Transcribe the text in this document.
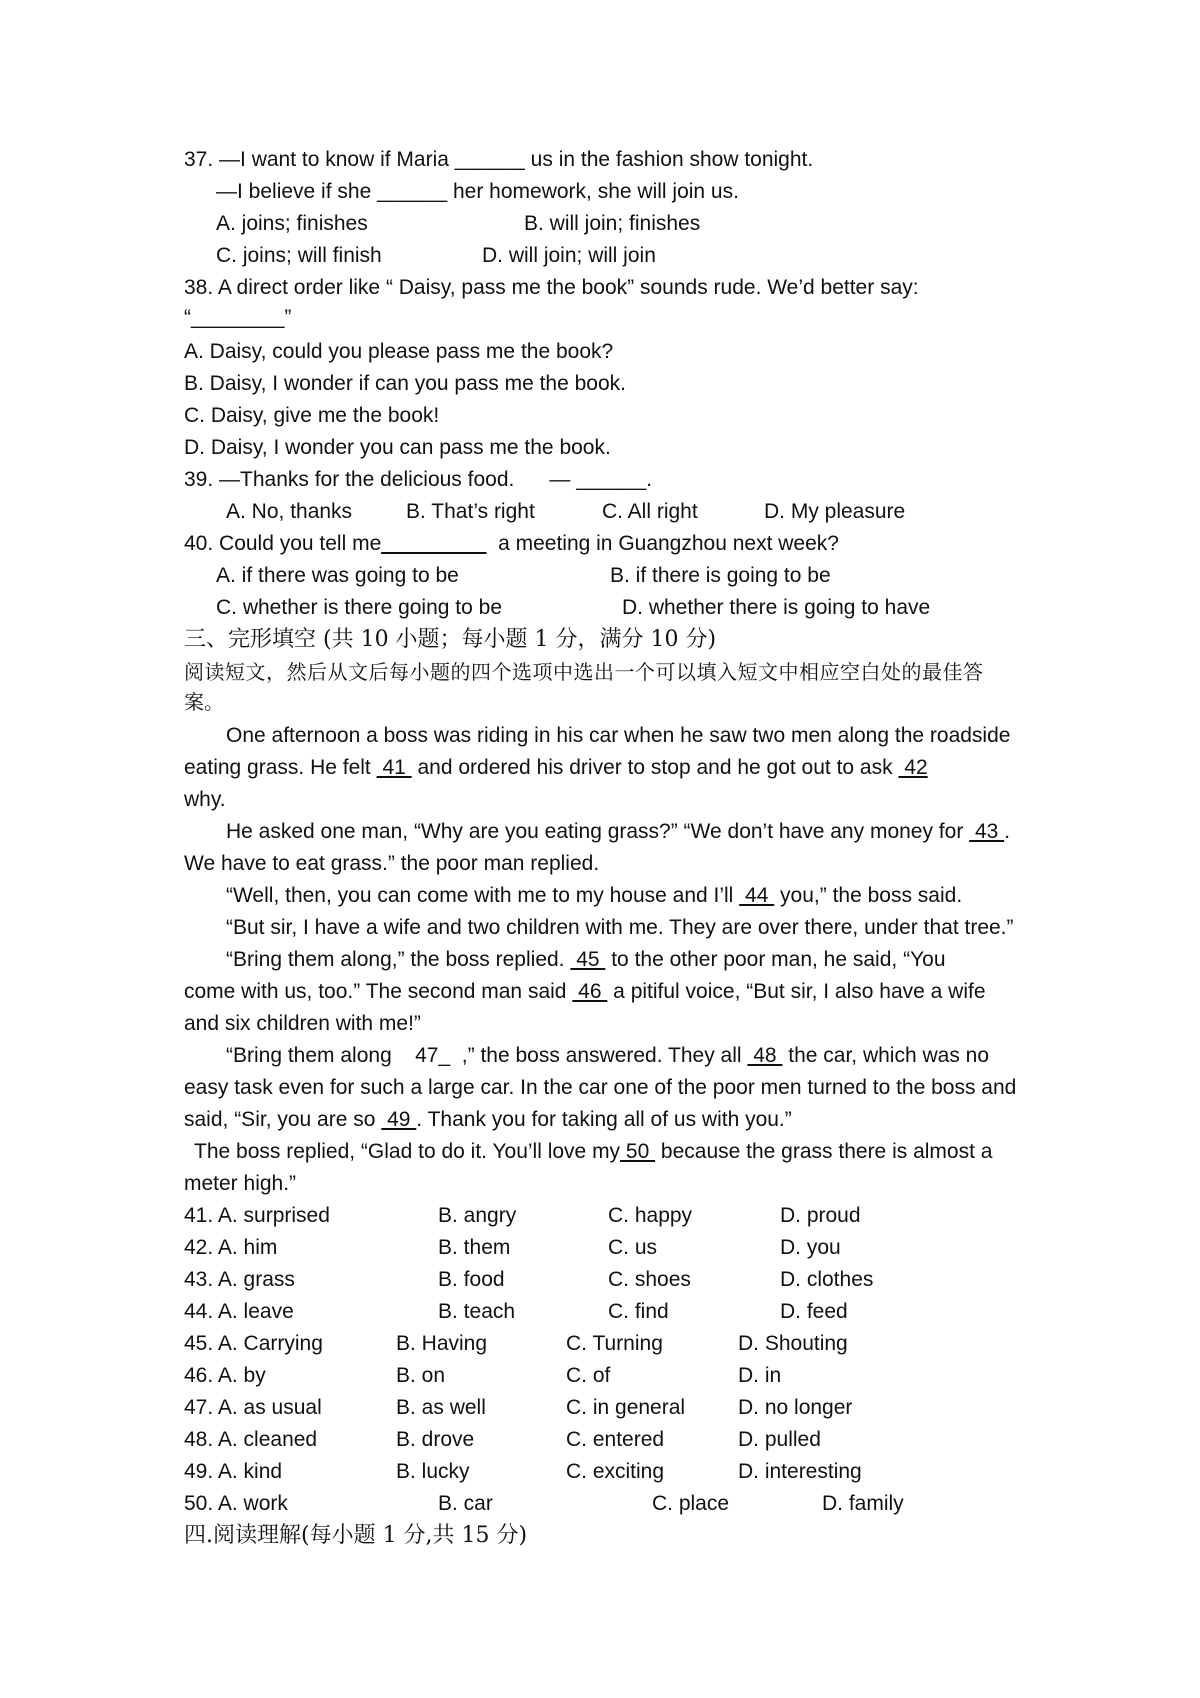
37. —I want to know if Maria ______ us in the fashion show tonight.
—I believe if she ______ her homework, she will join us.
A. joins; finishes	B. will join; finishes
C. joins; will finish	D. will join; will join
38. A direct order like “ Daisy, pass me the book” sounds rude. We’d better say:
“________”
A. Daisy, could you please pass me the book?
B. Daisy, I wonder if can you pass me the book.
C. Daisy, give me the book!
D. Daisy, I wonder you can pass me the book.
39. —Thanks for the delicious food.      — ______.
A. No, thanks	B. That’s right	C. All right	D. My pleasure
40. Could you tell me_________  a meeting in Guangzhou next week?
A. if there was going to be	B. if there is going to be
C. whether is there going to be	D. whether there is going to have
三、完形填空 (共 10 小题；每小题 1 分，满分 10 分)
阅读短文，然后从文后每小题的四个选项中选出一个可以填入短文中相应空白处的最佳答
案。
One afternoon a boss was riding in his car when he saw two men along the roadside
eating grass. He felt  41  and ordered his driver to stop and he got out to ask  42
why.
He asked one man, “Why are you eating grass?” “We don’t have any money for  43 .
We have to eat grass.” the poor man replied.
“Well, then, you can come with me to my house and I’ll  44  you,” the boss said.
“But sir, I have a wife and two children with me. They are over there, under that tree.”
“Bring them along,” the boss replied.  45  to the other poor man, he said, “You
come with us, too.” The second man said  46  a pitiful voice, “But sir, I also have a wife
and six children with me!”
“Bring them along    47_  ,” the boss answered. They all  48  the car, which was no
easy task even for such a large car. In the car one of the poor men turned to the boss and
said, “Sir, you are so  49 . Thank you for taking all of us with you.”
The boss replied, “Glad to do it. You’ll love my 50  because the grass there is almost a
meter high.”
41. A. surprised	B. angry	C. happy	D. proud
42. A. him	B. them	C. us	D. you
43. A. grass	B. food	C. shoes	D. clothes
44. A. leave	B. teach	C. find	D. feed
45. A. Carrying	B. Having	C. Turning	D. Shouting
46. A. by	B. on	C. of	D. in
47. A. as usual	B. as well	C. in general	D. no longer
48. A. cleaned	B. drove	C. entered	D. pulled
49. A. kind	B. lucky	C. exciting	D. interesting
50. A. work	B. car	C. place	D. family
四.阅读理解(每小题 1 分,共 15 分)
